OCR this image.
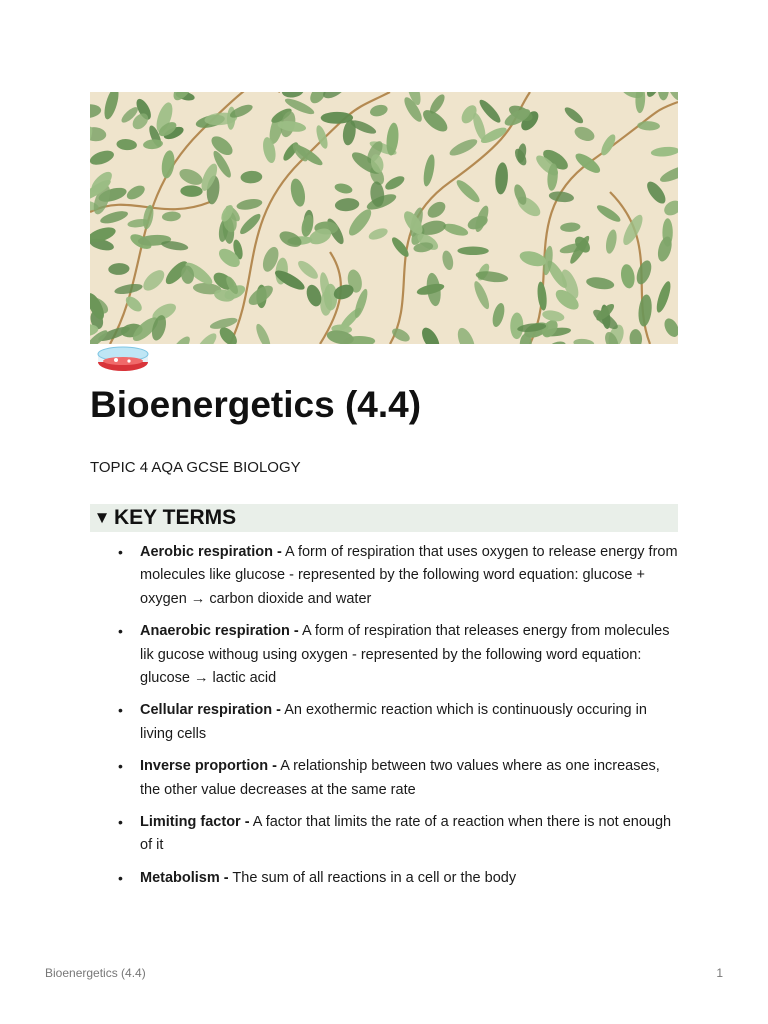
Bioenergetics (4.4)
TOPIC 4 AQA GCSE BIOLOGY
▼ KEY TERMS
• Aerobic respiration - A form of respiration that uses oxygen to release energy from molecules like glucose - represented by the following word equation: glucose + oxygen → carbon dioxide and water
• Anaerobic respiration - A form of respiration that releases energy from molecules lik gucose withoug using oxygen - represented by the following word equation: glucose → lactic acid
• Cellular respiration - An exothermic reaction which is continuously occuring in living cells
• Inverse proportion - A relationship between two values where as one increases, the other value decreases at the same rate
• Limiting factor - A factor that limits the rate of a reaction when there is not enough of it
• Metabolism - The sum of all reactions in a cell or the body
Bioenergetics (4.4)	1
